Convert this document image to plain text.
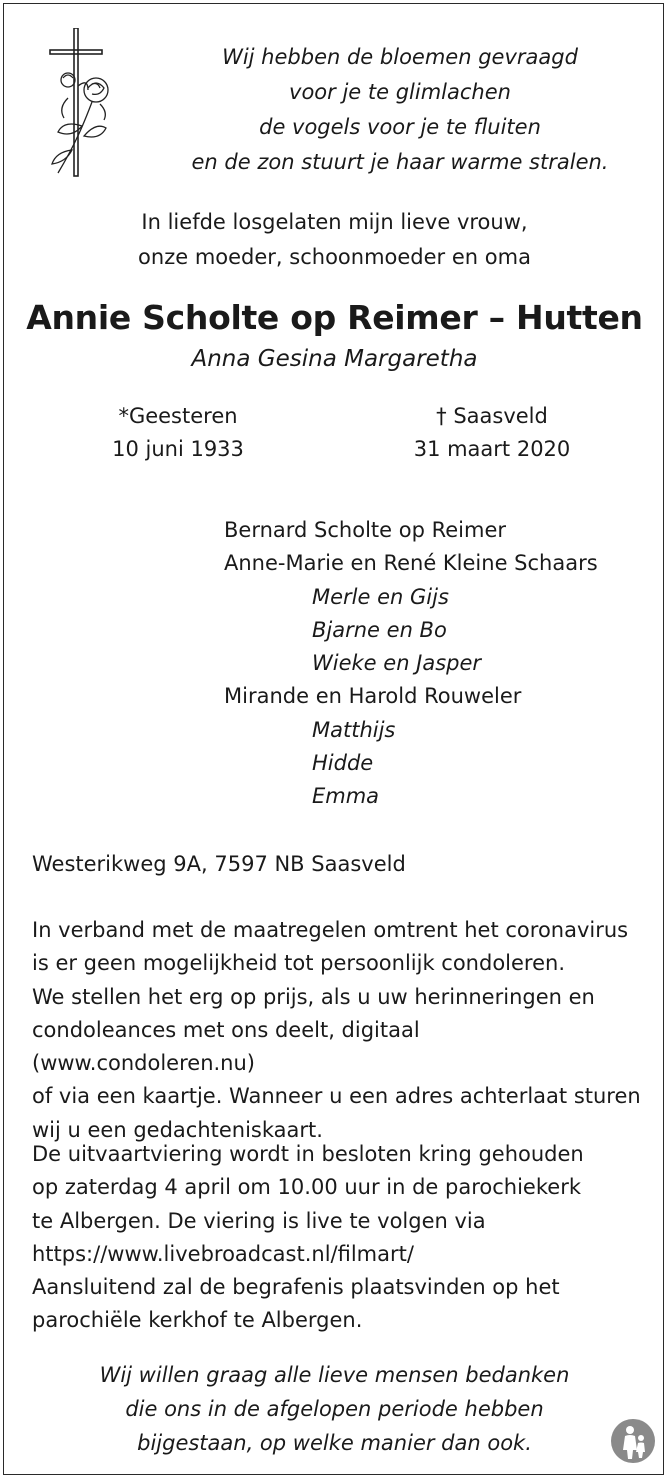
Wij hebben de bloemen gevraagd
voor je te glimlachen
de vogels voor je te fluiten
en de zon stuurt je haar warme stralen.
In liefde losgelaten mijn lieve vrouw,
onze moeder, schoonmoeder en oma
Annie Scholte op Reimer – Hutten
Anna Gesina Margaretha
*Geesteren
10 juni 1933
† Saasveld
31 maart 2020
Bernard Scholte op Reimer
Anne-Marie en René Kleine Schaars
Merle en Gijs
Bjarne en Bo
Wieke en Jasper
Mirande en Harold Rouweler
Matthijs
Hidde
Emma
Westerikweg 9A, 7597 NB Saasveld
In verband met de maatregelen omtrent het coronavirus
is er geen mogelijkheid tot persoonlijk condoleren.
We stellen het erg op prijs, als u uw herinneringen en
condoleances met ons deelt, digitaal (www.condoleren.nu)
of via een kaartje. Wanneer u een adres achterlaat sturen
wij u een gedachteniskaart.
De uitvaartviering wordt in besloten kring gehouden
op zaterdag 4 april om 10.00 uur in de parochiekerk
te Albergen. De viering is live te volgen via
https://www.livebroadcast.nl/filmart/
Aansluitend zal de begrafenis plaatsvinden op het
parochiële kerkhof te Albergen.
Wij willen graag alle lieve mensen bedanken
die ons in de afgelopen periode hebben
bijgestaan, op welke manier dan ook.
